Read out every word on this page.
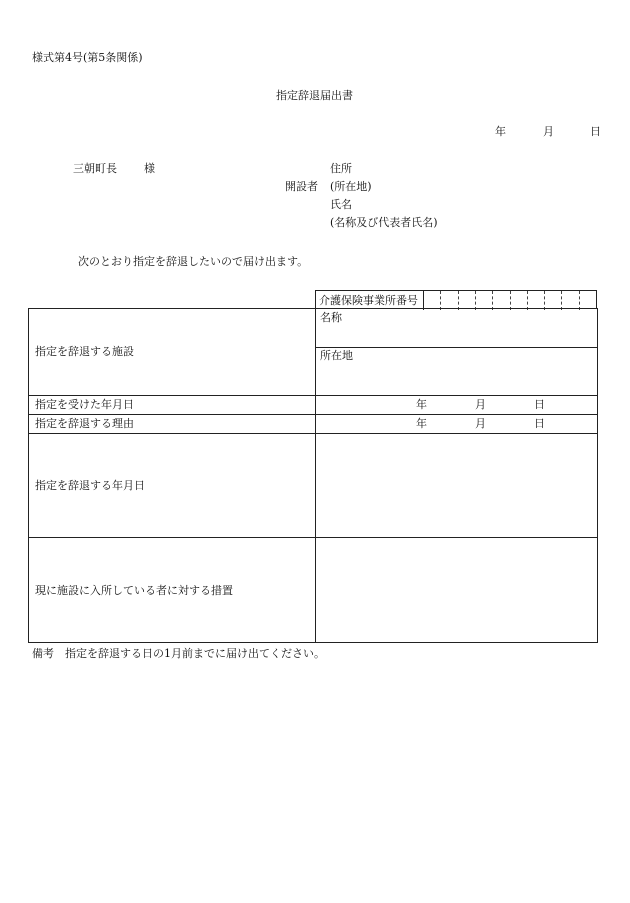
様式第4号(第5条関係)
指定辞退届出書
年	月	日
三朝町長 様
開設者
住所
(所在地)
氏名
(名称及び代表者氏名)
次のとおり指定を辞退したいので届け出ます。
介護保険事業所番号
指定を辞退する施設
名称
所在地
指定を受けた年月日	年	月	日
指定を辞退する理由	年	月	日
指定を辞退する年月日
現に施設に入所している者に対する措置
備考　指定を辞退する日の1月前までに届け出てください。
